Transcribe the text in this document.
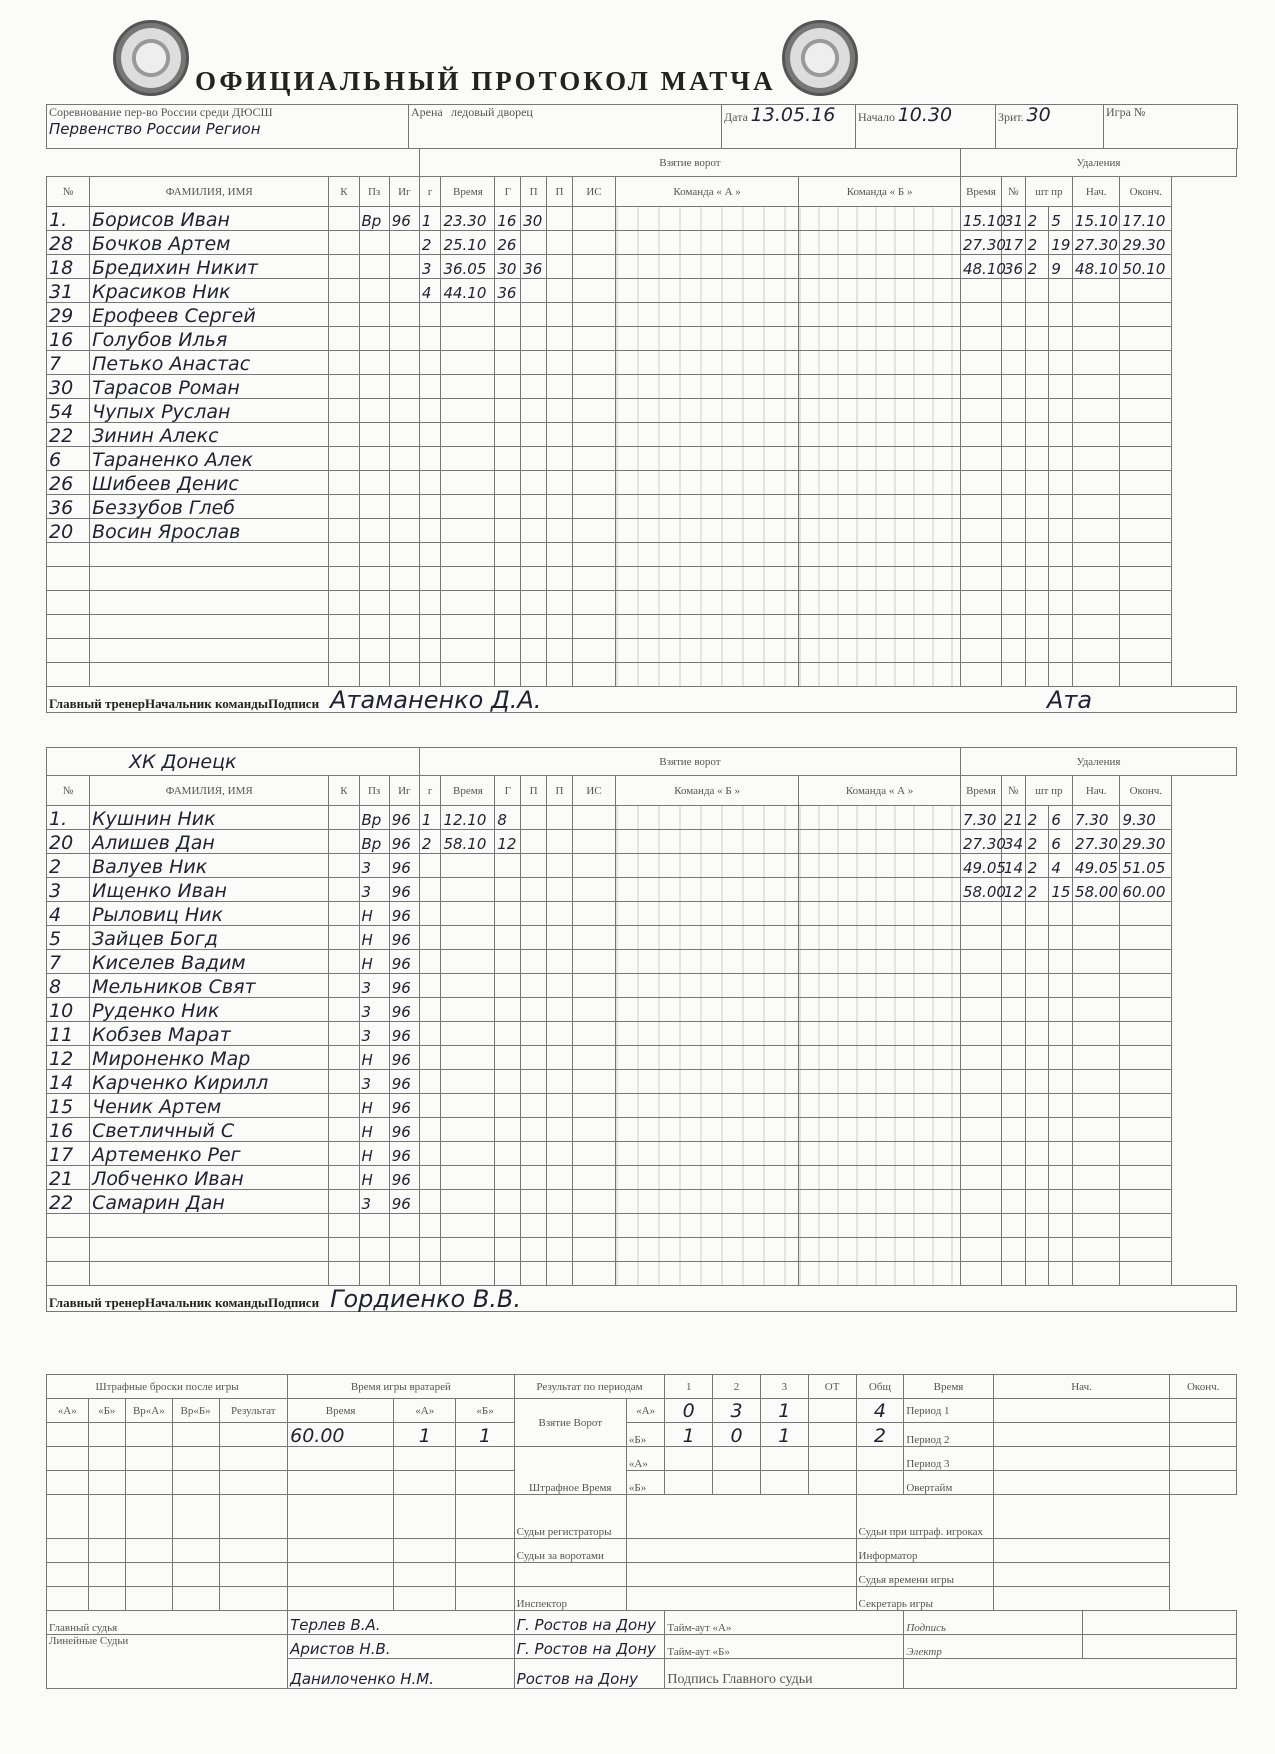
ОФИЦИАЛЬНЫЙ ПРОТОКОЛ МАТЧА
Соревнование пер-во России среди ДЮСШ
Первенство России Регион
	Арена ледовый дворец	Дата 13.05.16	Начало 10.30	Зрит. 30	Игра №
					Взятие ворот								Удаления					
№	ФАМИЛИЯ, ИМЯ	К	Пз	Иг	г	Время	Г	П	П	ИС	Команда « А »	Команда « Б »	Время	№	шт пр		Нач.	Оконч.
1.	Борисов Иван		Вр	96	1	23.30	16	30					15.10	31	2	5	15.10	17.10
28	Бочков Артем				2	25.10	26						27.30	17	2	19	27.30	29.30
18	Бредихин Никит				3	36.05	30	36					48.10	36	2	9	48.10	50.10
31	Красиков Ник				4	44.10	36											
29	Ерофеев Сергей																	
16	Голубов Илья																	
7	Петько Анастас																	
30	Тарасов Роман																	
54	Чупых Руслан																	
22	Зинин Алекс																	
6	Тараненко Алек																	
26	Шибеев Денис																	
36	Беззубов Глеб																	
20	Восин Ярослав																	

Главный тренерНачальник командыПодписи Атаманенко Д.А. Ата																		
ХК Донецк					Взятие ворот								Удаления					
№	ФАМИЛИЯ, ИМЯ	К	Пз	Иг	г	Время	Г	П	П	ИС	Команда « Б »	Команда « А »	Время	№	шт пр		Нач.	Оконч.
1.	Кушнин Ник		Вр	96	1	12.10	8						7.30	21	2	6	7.30	9.30
20	Алишев Дан		Вр	96	2	58.10	12						27.30	34	2	6	27.30	29.30
2	Валуев Ник		3	96									49.05	14	2	4	49.05	51.05
3	Ищенко Иван		3	96									58.00	12	2	15	58.00	60.00
4	Рыловиц Ник		Н	96														
5	Зайцев Богд		Н	96														
7	Киселев Вадим		Н	96														
8	Мельников Свят		3	96														
10	Руденко Ник		3	96														
11	Кобзев Марат		3	96														
12	Мироненко Мар		Н	96														
14	Карченко Кирилл		3	96														
15	Ченик Артем		Н	96														
16	Светличный С		Н	96														
17	Артеменко Рег		Н	96														
21	Лобченко Иван		Н	96														
22	Самарин Дан		3	96														

Главный тренерНачальник командыПодписи Гордиенко В.В.																		
Штрафные броски после игры					Время игры вратарей			Результат по периодам		1	2	3	ОТ	Общ	Время	Нач.		Оконч.
«А»	«Б»	Вр«А»	Вр«Б»	Результат	Время	«А»	«Б»	Взятие Ворот	«А»	0	3	1		4	Период 1			
					60.00	1	1		«Б»	1	0	1		2	Период 2			
								Штрафное Время	«А»						Период 3			
									«Б»						Овертайм			
								Судьи регистраторы						Судьи при штраф. игроках				
								Судьи за воротами						Информатор				
														Судья времени игры				
								Инспектор						Секретарь игры				
Главный судья					Терлев В.А.			Г. Ростов на Дону		Тайм-аут «А»					Подпись			
Линейные Судьи					Аристов Н.В.			Г. Ростов на Дону		Тайм-аут «Б»					Электр			
					Данилоченко Н.М.			Ростов на Дону		Подпись Главного судьи								
